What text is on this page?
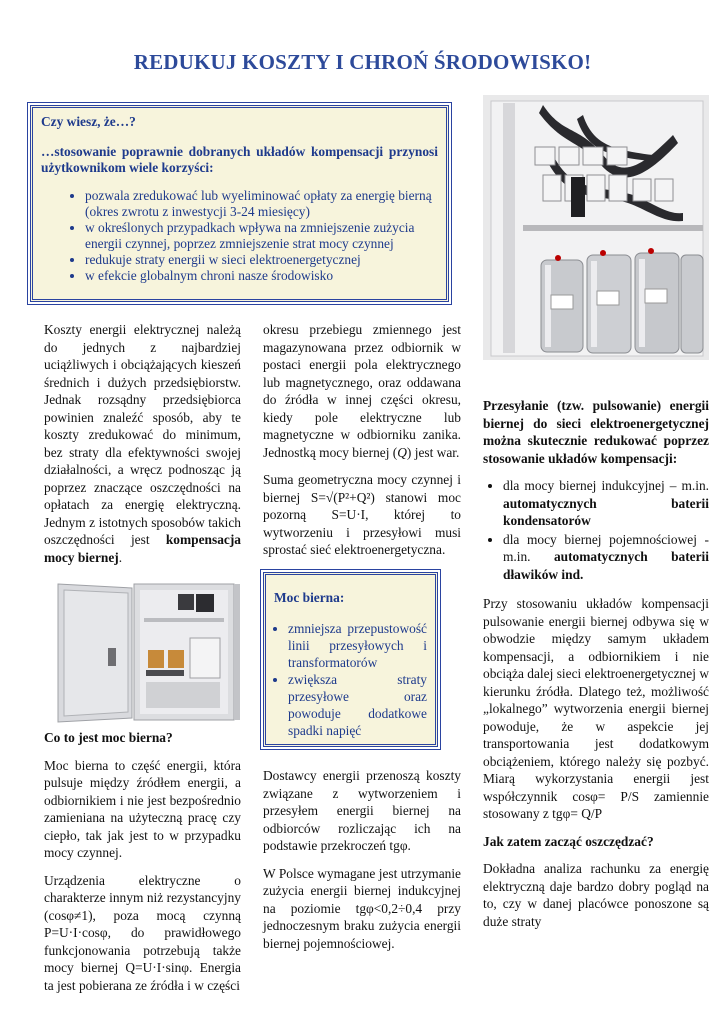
REDUKUJ KOSZTY I CHROŃ ŚRODOWISKO!
Czy wiesz, że…?
…stosowanie poprawnie dobranych układów kompensacji przynosi użytkownikom wiele korzyści:
• pozwala zredukować lub wyeliminować opłaty za energię bierną (okres zwrotu z inwestycji 3-24 miesięcy)
• w określonych przypadkach wpływa na zmniejszenie zużycia energii czynnej, poprzez zmniejszenie strat mocy czynnej
• redukuje straty energii w sieci elektroenergetycznej
• w efekcie globalnym chroni nasze środowisko

Koszty energii elektrycznej należą do jednych z najbardziej uciążliwych i obciążających kieszeń średnich i dużych przedsiębiorstw. Jednak rozsądny przedsiębiorca powinien znaleźć sposób, aby te koszty zredukować do minimum, bez straty dla efektywności swojej działalności, a wręcz podnosząc ją poprzez znaczące oszczędności na opłatach za energię elektryczną. Jednym z istotnych sposobów takich oszczędności jest kompensacja mocy biernej.

Co to jest moc bierna?

Moc bierna to część energii, która pulsuje między źródłem energii, a odbiornikiem i nie jest bezpośrednio zamieniana na użyteczną pracę czy ciepło, tak jak jest to w przypadku mocy czynnej.

Urządzenia elektryczne o charakterze innym niż rezystancyjny (cosφ≠1), poza mocą czynną P=U·I·cosφ, do prawidłowego funkcjonowania potrzebują także mocy biernej Q=U·I·sinφ. Energia ta jest pobierana ze źródła i w części

okresu przebiegu zmiennego jest magazynowana przez odbiornik w postaci energii pola elektrycznego lub magnetycznego, oraz oddawana do źródła w innej części okresu, kiedy pole elektryczne lub magnetyczne w odbiorniku zanika. Jednostką mocy biernej (Q) jest war.

Suma geometryczna mocy czynnej i biernej S=√(P²+Q²) stanowi moc pozorną S=U·I, której to wytworzeniu i przesyłowi musi sprostać sieć elektroenergetyczna.

Moc bierna:
• zmniejsza przepustowość linii przesyłowych i transformatorów
• zwiększa straty przesyłowe oraz powoduje dodatkowe spadki napięć

Dostawcy energii przenoszą koszty związane z wytworzeniem i przesyłem energii biernej na odbiorców rozliczając ich na podstawie przekroczeń tgφ.

W Polsce wymagane jest utrzymanie zużycia energii biernej indukcyjnej na poziomie tgφ<0,2÷0,4 przy jednoczesnym braku zużycia energii biernej pojemnościowej.

Przesyłanie (tzw. pulsowanie) energii biernej do sieci elektroenergetycznej można skutecznie redukować poprzez stosowanie układów kompensacji:
• dla mocy biernej indukcyjnej – m.in. automatycznych baterii kondensatorów
• dla mocy biernej pojemnościowej - m.in. automatycznych baterii dławików ind.

Przy stosowaniu układów kompensacji pulsowanie energii biernej odbywa się w obwodzie między samym układem kompensacji, a odbiornikiem i nie obciąża dalej sieci elektroenergetycznej w kierunku źródła. Dlatego też, możliwość „lokalnego” wytworzenia energii biernej powoduje, że w aspekcie jej transportowania jest dodatkowym obciążeniem, którego należy się pozbyć. Miarą wykorzystania energii jest współczynnik cosφ= P/S zamiennie stosowany z tgφ= Q/P

Jak zatem zacząć oszczędzać?

Dokładna analiza rachunku za energię elektryczną daje bardzo dobry pogląd na to, czy w danej placówce ponoszone są duże straty
